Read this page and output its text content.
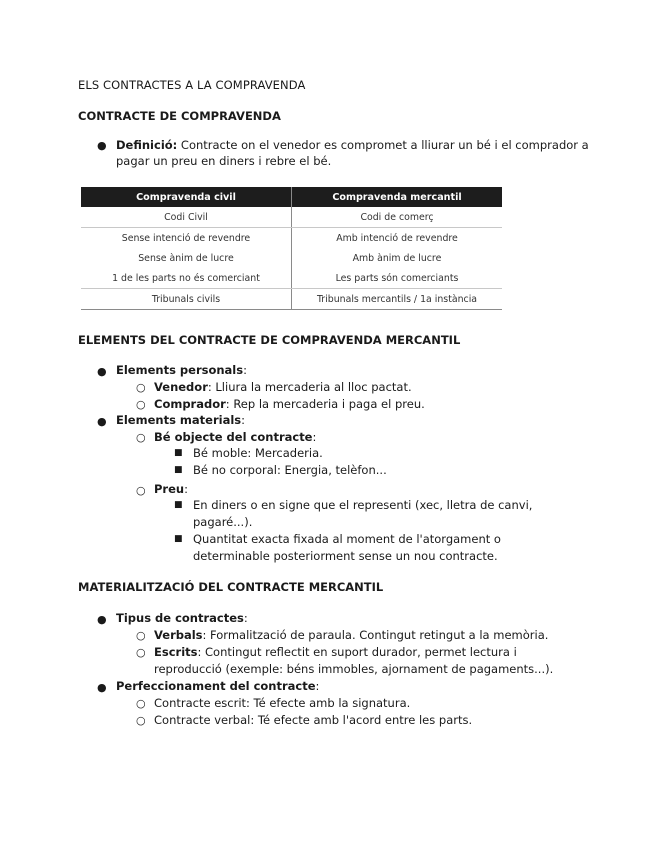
ELS CONTRACTES A LA COMPRAVENDA
CONTRACTE DE COMPRAVENDA
● Definició: Contracte on el venedor es compromet a lliurar un bé i el comprador a
pagar un preu en diners i rebre el bé.
Compravenda civil	Compravenda mercantil
Codi Civil	Codi de comerç
Sense intenció de revendre	Amb intenció de revendre
Sense ànim de lucre	Amb ànim de lucre
1 de les parts no és comerciant	Les parts són comerciants
Tribunals civils	Tribunals mercantils / 1a instància
ELEMENTS DEL CONTRACTE DE COMPRAVENDA MERCANTIL
● Elements personals:
○ Venedor: Lliura la mercaderia al lloc pactat.
○ Comprador: Rep la mercaderia i paga el preu.
● Elements materials:
○ Bé objecte del contracte:
■ Bé moble: Mercaderia.
■ Bé no corporal: Energia, telèfon...
○ Preu:
■ En diners o en signe que el representi (xec, lletra de canvi,
pagaré...).
■ Quantitat exacta fixada al moment de l'atorgament o
determinable posteriorment sense un nou contracte.
MATERIALITZACIÓ DEL CONTRACTE MERCANTIL
● Tipus de contractes:
○ Verbals: Formalització de paraula. Contingut retingut a la memòria.
○ Escrits: Contingut reflectit en suport durador, permet lectura i
reproducció (exemple: béns immobles, ajornament de pagaments...).
● Perfeccionament del contracte:
○ Contracte escrit: Té efecte amb la signatura.
○ Contracte verbal: Té efecte amb l'acord entre les parts.
